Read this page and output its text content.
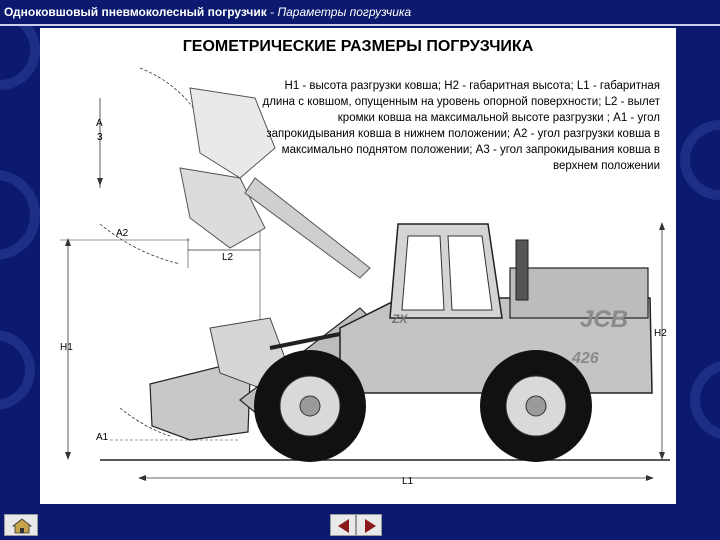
Одноковшовый пневмоколесный погрузчик - Параметры погрузчика
ГЕОМЕТРИЧЕСКИЕ РАЗМЕРЫ ПОГРУЗЧИКА
H1 - высота разгрузки ковша; H2 - габаритная высота; L1 - габаритная длина с ковшом, опущенным на уровень опорной поверхности; L2 - вылет кромки ковша на максимальной высоте разгрузки ; A1 - угол запрокидывания ковша в нижнем положении; A2 - угол разгрузки ковша в максимально поднятом положении; A3 - угол запрокидывания ковша в верхнем положении
ZX	JCB
426
А
3
A2
L2
H1
H2
A1
L1
